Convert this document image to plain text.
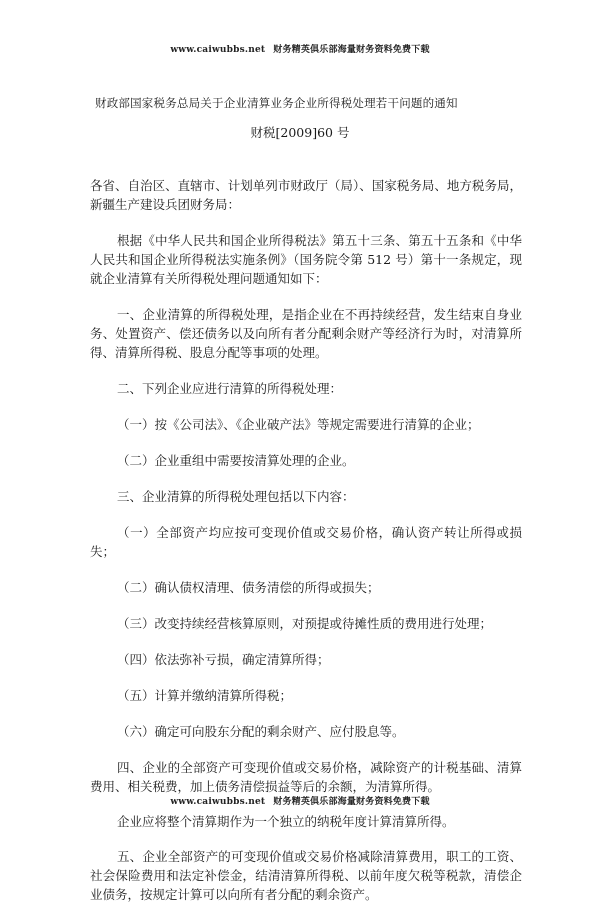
www.caiwubbs.net 财务精英俱乐部海量财务资料免费下载
财政部国家税务总局关于企业清算业务企业所得税处理若干问题的通知
财税[2009]60 号

各省、自治区、直辖市、计划单列市财政厅（局）、国家税务局、地方税务局，新疆生产建设兵团财务局：

根据《中华人民共和国企业所得税法》第五十三条、第五十五条和《中华人民共和国企业所得税法实施条例》（国务院令第 512 号）第十一条规定，现就企业清算有关所得税处理问题通知如下：

一、企业清算的所得税处理，是指企业在不再持续经营，发生结束自身业务、处置资产、偿还债务以及向所有者分配剩余财产等经济行为时，对清算所得、清算所得税、股息分配等事项的处理。

二、下列企业应进行清算的所得税处理：

（一）按《公司法》、《企业破产法》等规定需要进行清算的企业；

（二）企业重组中需要按清算处理的企业。

三、企业清算的所得税处理包括以下内容：

（一）全部资产均应按可变现价值或交易价格，确认资产转让所得或损失；

（二）确认债权清理、债务清偿的所得或损失；

（三）改变持续经营核算原则，对预提或待摊性质的费用进行处理；

（四）依法弥补亏损，确定清算所得；

（五）计算并缴纳清算所得税；

（六）确定可向股东分配的剩余财产、应付股息等。

四、企业的全部资产可变现价值或交易价格，减除资产的计税基础、清算费用、相关税费，加上债务清偿损益等后的余额，为清算所得。

企业应将整个清算期作为一个独立的纳税年度计算清算所得。

五、企业全部资产的可变现价值或交易价格减除清算费用，职工的工资、社会保险费用和法定补偿金，结清清算所得税、以前年度欠税等税款，清偿企业债务，按规定计算可以向所有者分配的剩余资产。

www.caiwubbs.net 财务精英俱乐部海量财务资料免费下载
